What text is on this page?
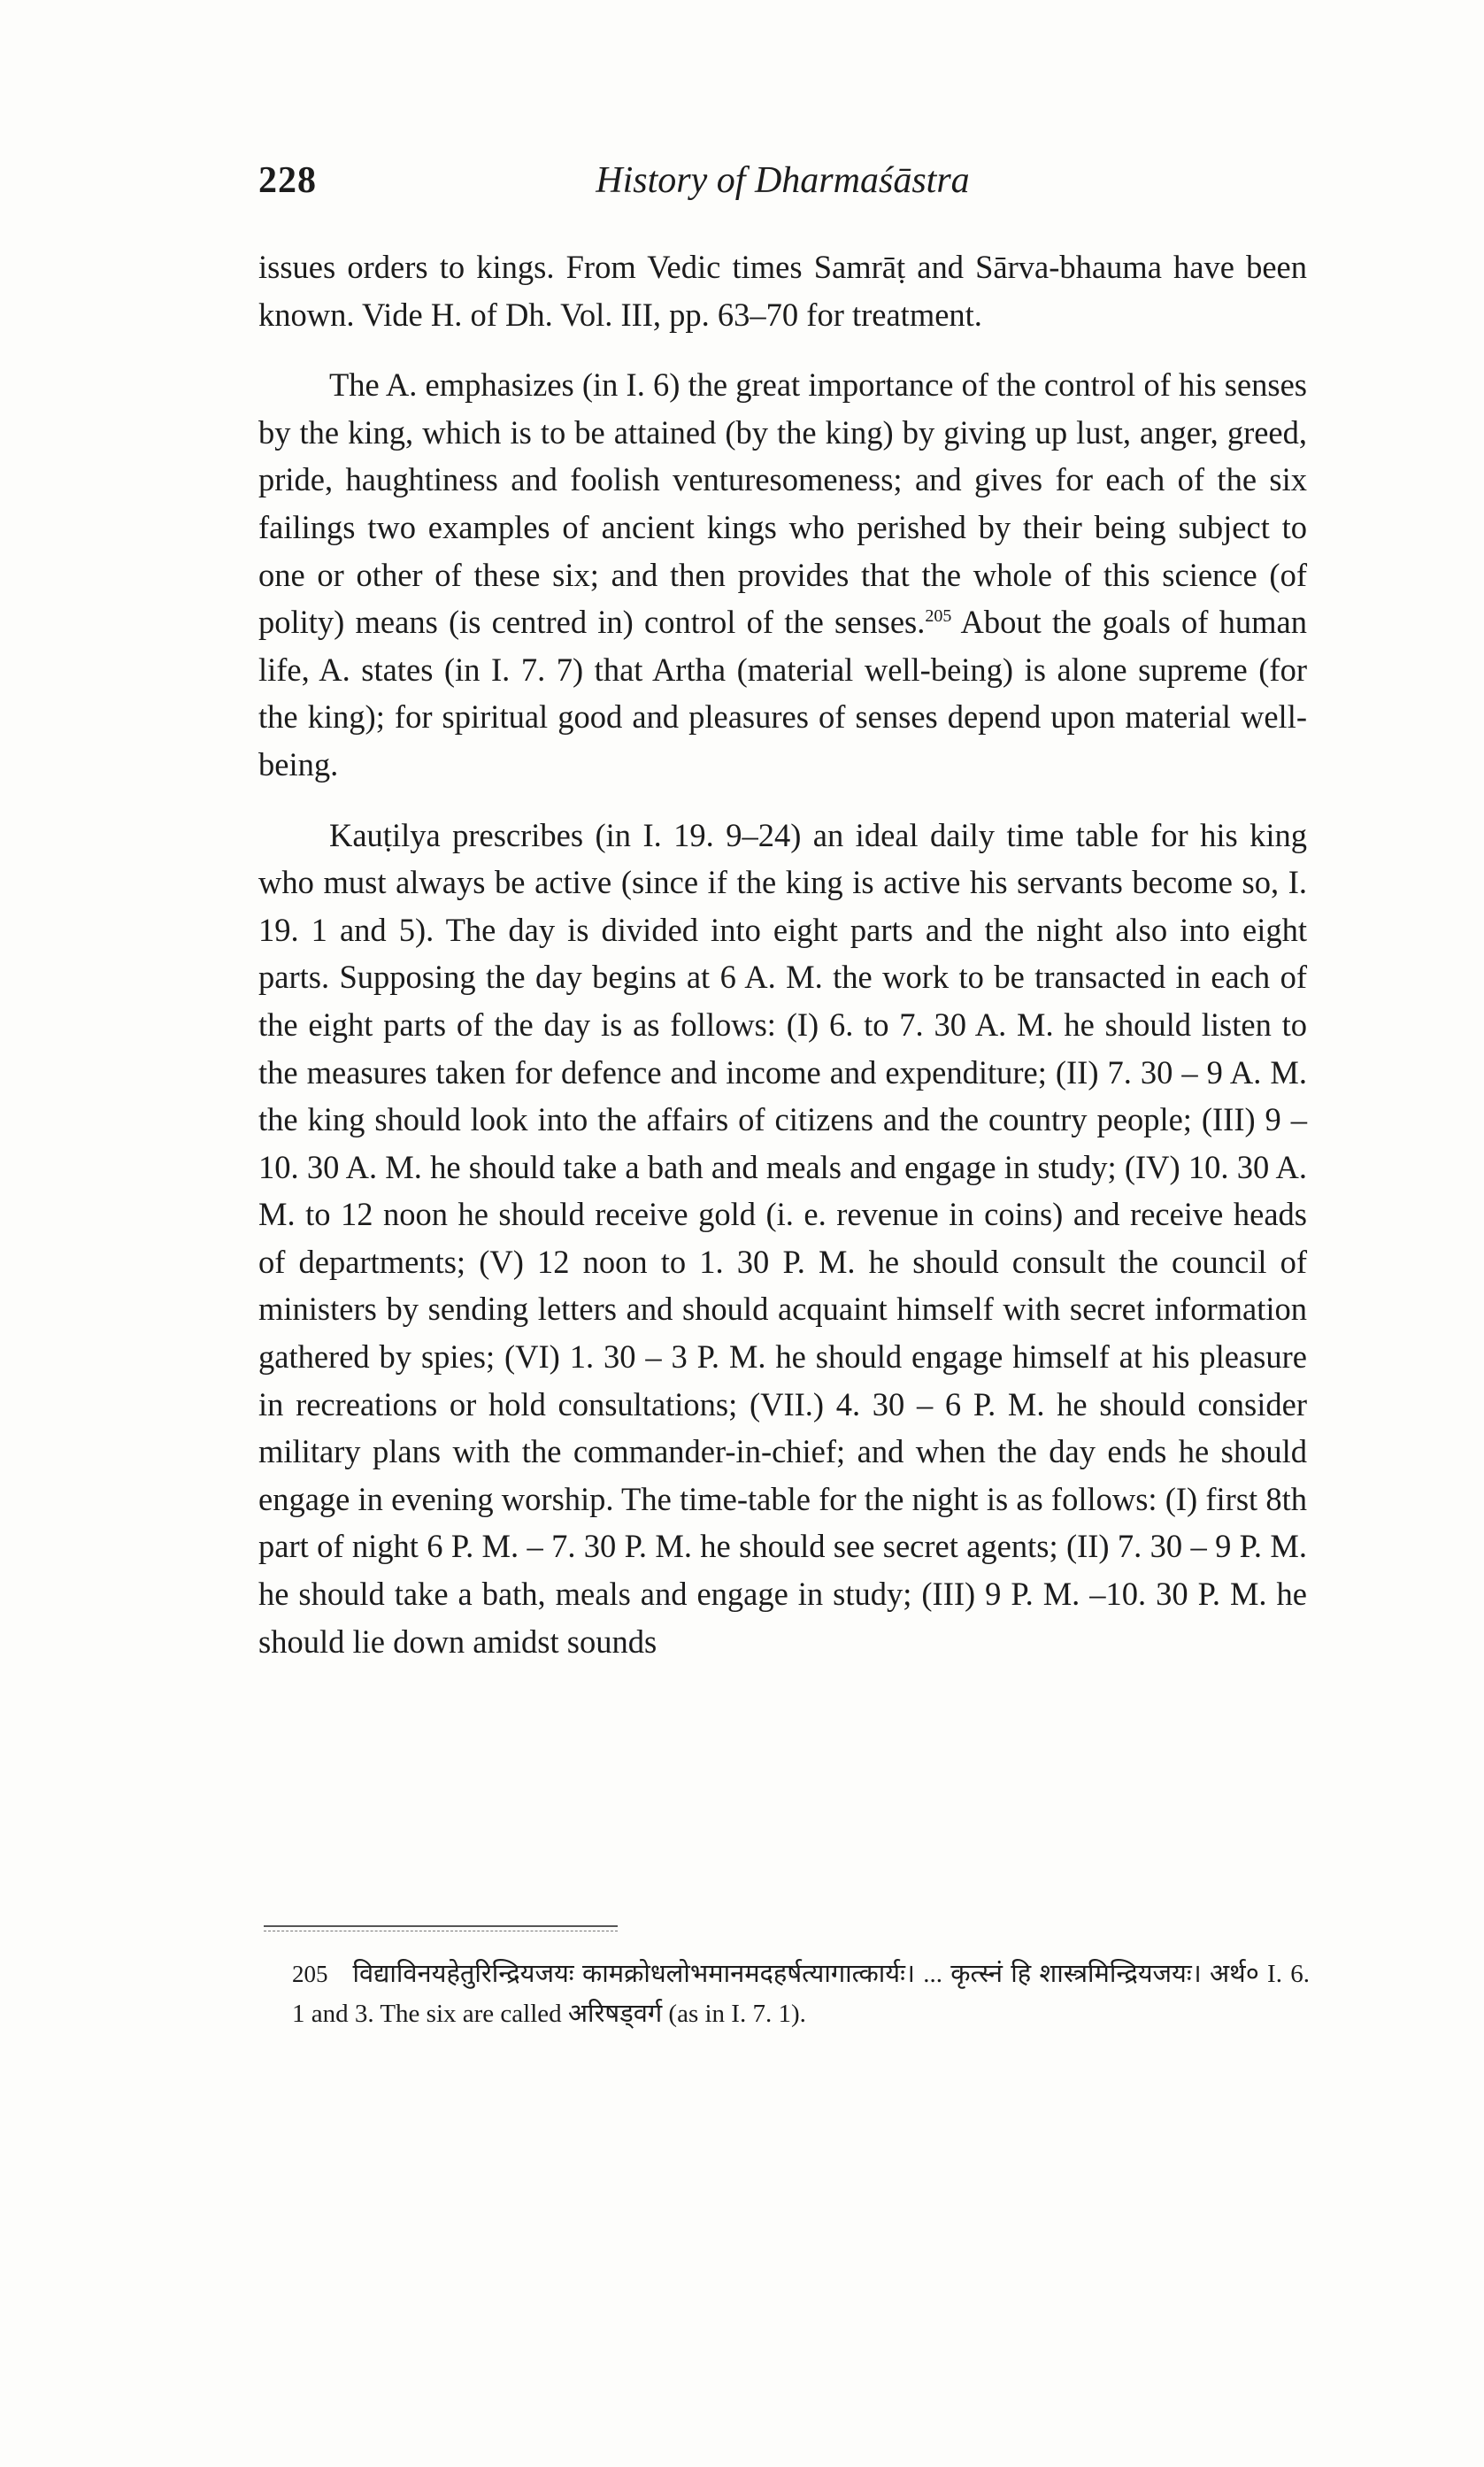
228	History of Dharmaśāstra

issues orders to kings. From Vedic times Samrāṭ and Sārva-bhauma have been known. Vide H. of Dh. Vol. III, pp. 63–70 for treatment.

The A. emphasizes (in I. 6) the great importance of the control of his senses by the king, which is to be attained (by the king) by giving up lust, anger, greed, pride, haughtiness and foolish venturesomeness; and gives for each of the six failings two examples of ancient kings who perished by their being subject to one or other of these six; and then provides that the whole of this science (of polity) means (is centred in) control of the senses.$^{205}$ About the goals of human life, A. states (in I. 7. 7) that Artha (material well-being) is alone supreme (for the king); for spiritual good and pleasures of senses depend upon material well-being.

Kauṭilya prescribes (in I. 19. 9–24) an ideal daily time table for his king who must always be active (since if the king is active his servants become so, I. 19. 1 and 5). The day is divided into eight parts and the night also into eight parts. Supposing the day begins at 6 A. M. the work to be transacted in each of the eight parts of the day is as follows: (I) 6. to 7. 30 A. M. he should listen to the measures taken for defence and income and expenditure; (II) 7. 30 – 9 A. M. the king should look into the affairs of citizens and the country people; (III) 9 – 10. 30 A. M. he should take a bath and meals and engage in study; (IV) 10. 30 A. M. to 12 noon he should receive gold (i. e. revenue in coins) and receive heads of departments; (V) 12 noon to 1. 30 P. M. he should consult the council of ministers by sending letters and should acquaint himself with secret information gathered by spies; (VI) 1. 30 – 3 P. M. he should engage himself at his pleasure in recreations or hold consultations; (VII.) 4. 30 – 6 P. M. he should consider military plans with the commander-in-chief; and when the day ends he should engage in evening worship. The time-table for the night is as follows: (I) first 8th part of night 6 P. M. – 7. 30 P. M. he should see secret agents; (II) 7. 30 – 9 P. M. he should take a bath, meals and engage in study; (III) 9 P. M. –10. 30 P. M. he should lie down amidst sounds

205 विद्याविनयहेतुरिन्द्रियजयः कामक्रोधलोभमानमदहर्षत्यागात्कार्यः। ... कृत्स्नं हि शास्त्रमिन्द्रियजयः। अर्थ० I. 6. 1 and 3. The six are called अरिषड्वर्ग (as in I. 7. 1).
